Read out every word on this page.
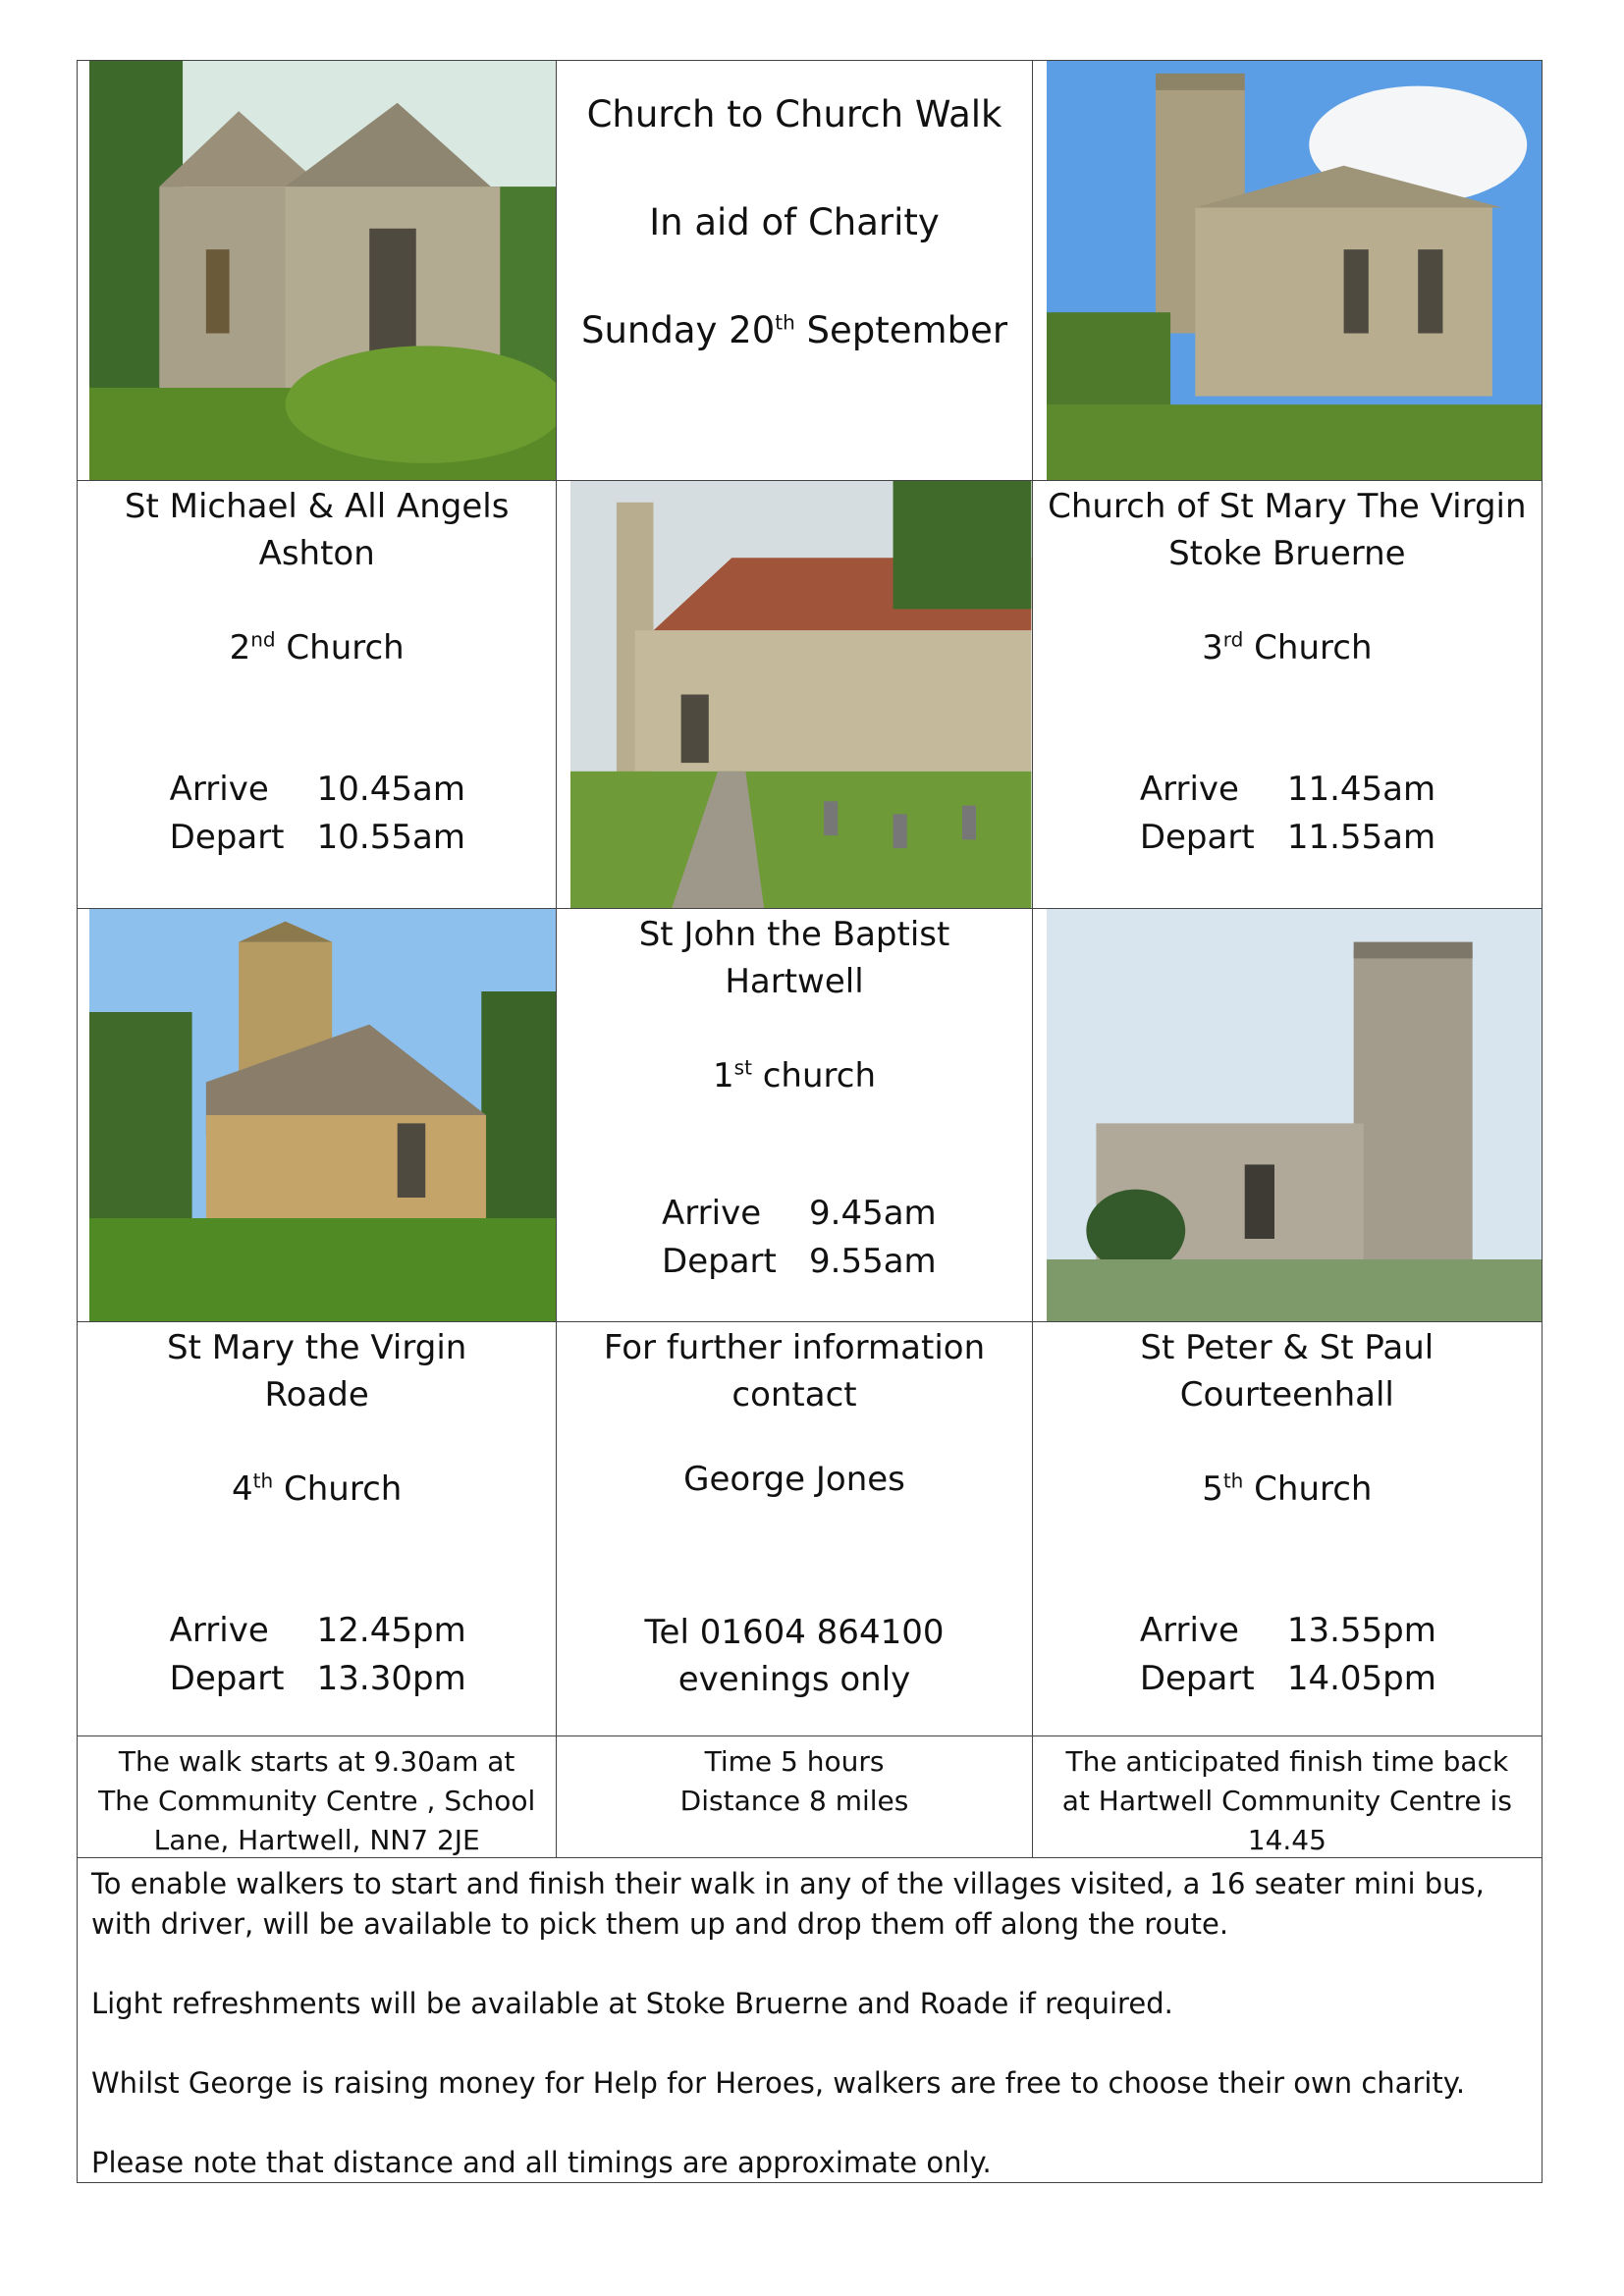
Church to Church Walk
In aid of Charity
Sunday 20th September
St Michael & All Angels
Ashton
2nd Church
Arrive	10.45am
Depart 10.55am
Church of St Mary The Virgin
Stoke Bruerne
3rd Church
Arrive	11.45am
Depart 11.55am
St John the Baptist
Hartwell
1st church
Arrive	9.45am
Depart 9.55am
St Mary the Virgin
Roade
4th Church
Arrive	12.45pm
Depart 13.30pm
For further information
contact
George Jones
Tel 01604 864100
evenings only
St Peter & St Paul
Courteenhall
5th Church
Arrive	13.55pm
Depart 14.05pm
The walk starts at 9.30am at The Community Centre , School Lane, Hartwell, NN7 2JE
Time 5 hours
Distance 8 miles
The anticipated finish time back at Hartwell Community Centre is 14.45

To enable walkers to start and finish their walk in any of the villages visited, a 16 seater mini bus, with driver, will be available to pick them up and drop them off along the route.

Light refreshments will be available at Stoke Bruerne and Roade if required.

Whilst George is raising money for Help for Heroes, walkers are free to choose their own charity.

Please note that distance and all timings are approximate only.
